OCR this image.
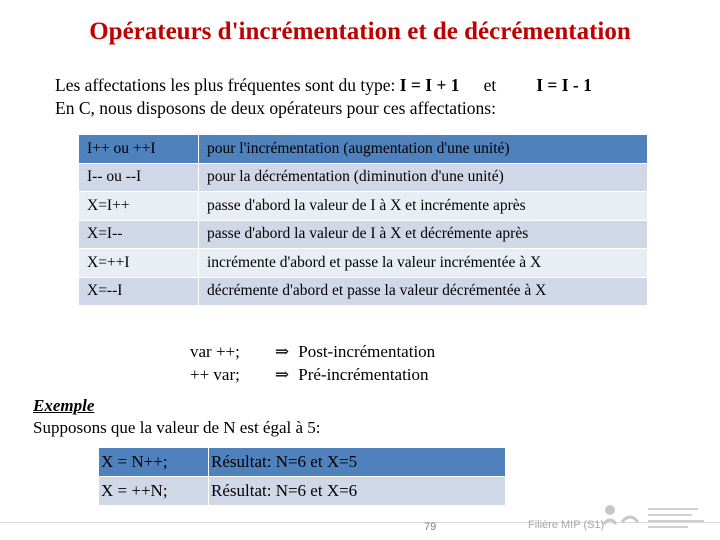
Opérateurs d'incrémentation et de décrémentation
Les affectations les plus fréquentes sont du type: I = I + 1 et I = I - 1
En C, nous disposons de deux opérateurs pour ces affectations:
I++ ou ++I	pour l'incrémentation (augmentation d'une unité)
I-- ou --I	pour la décrémentation (diminution d'une unité)
X=I++	passe d'abord la valeur de I à X et incrémente après
X=I--	passe d'abord la valeur de I à X et décrémente après
X=++I	incrémente d'abord et passe la valeur incrémentée à X
X=--I	décrémente d'abord et passe la valeur décrémentée à X
var ++; ⇒ Post-incrémentation
++ var; ⇒ Pré-incrémentation
Exemple
Supposons que la valeur de N est égal à 5:
X = N++;	Résultat: N=6 et X=5
X = ++N;	Résultat: N=6 et X=6
79	Filière MIP (S1)
